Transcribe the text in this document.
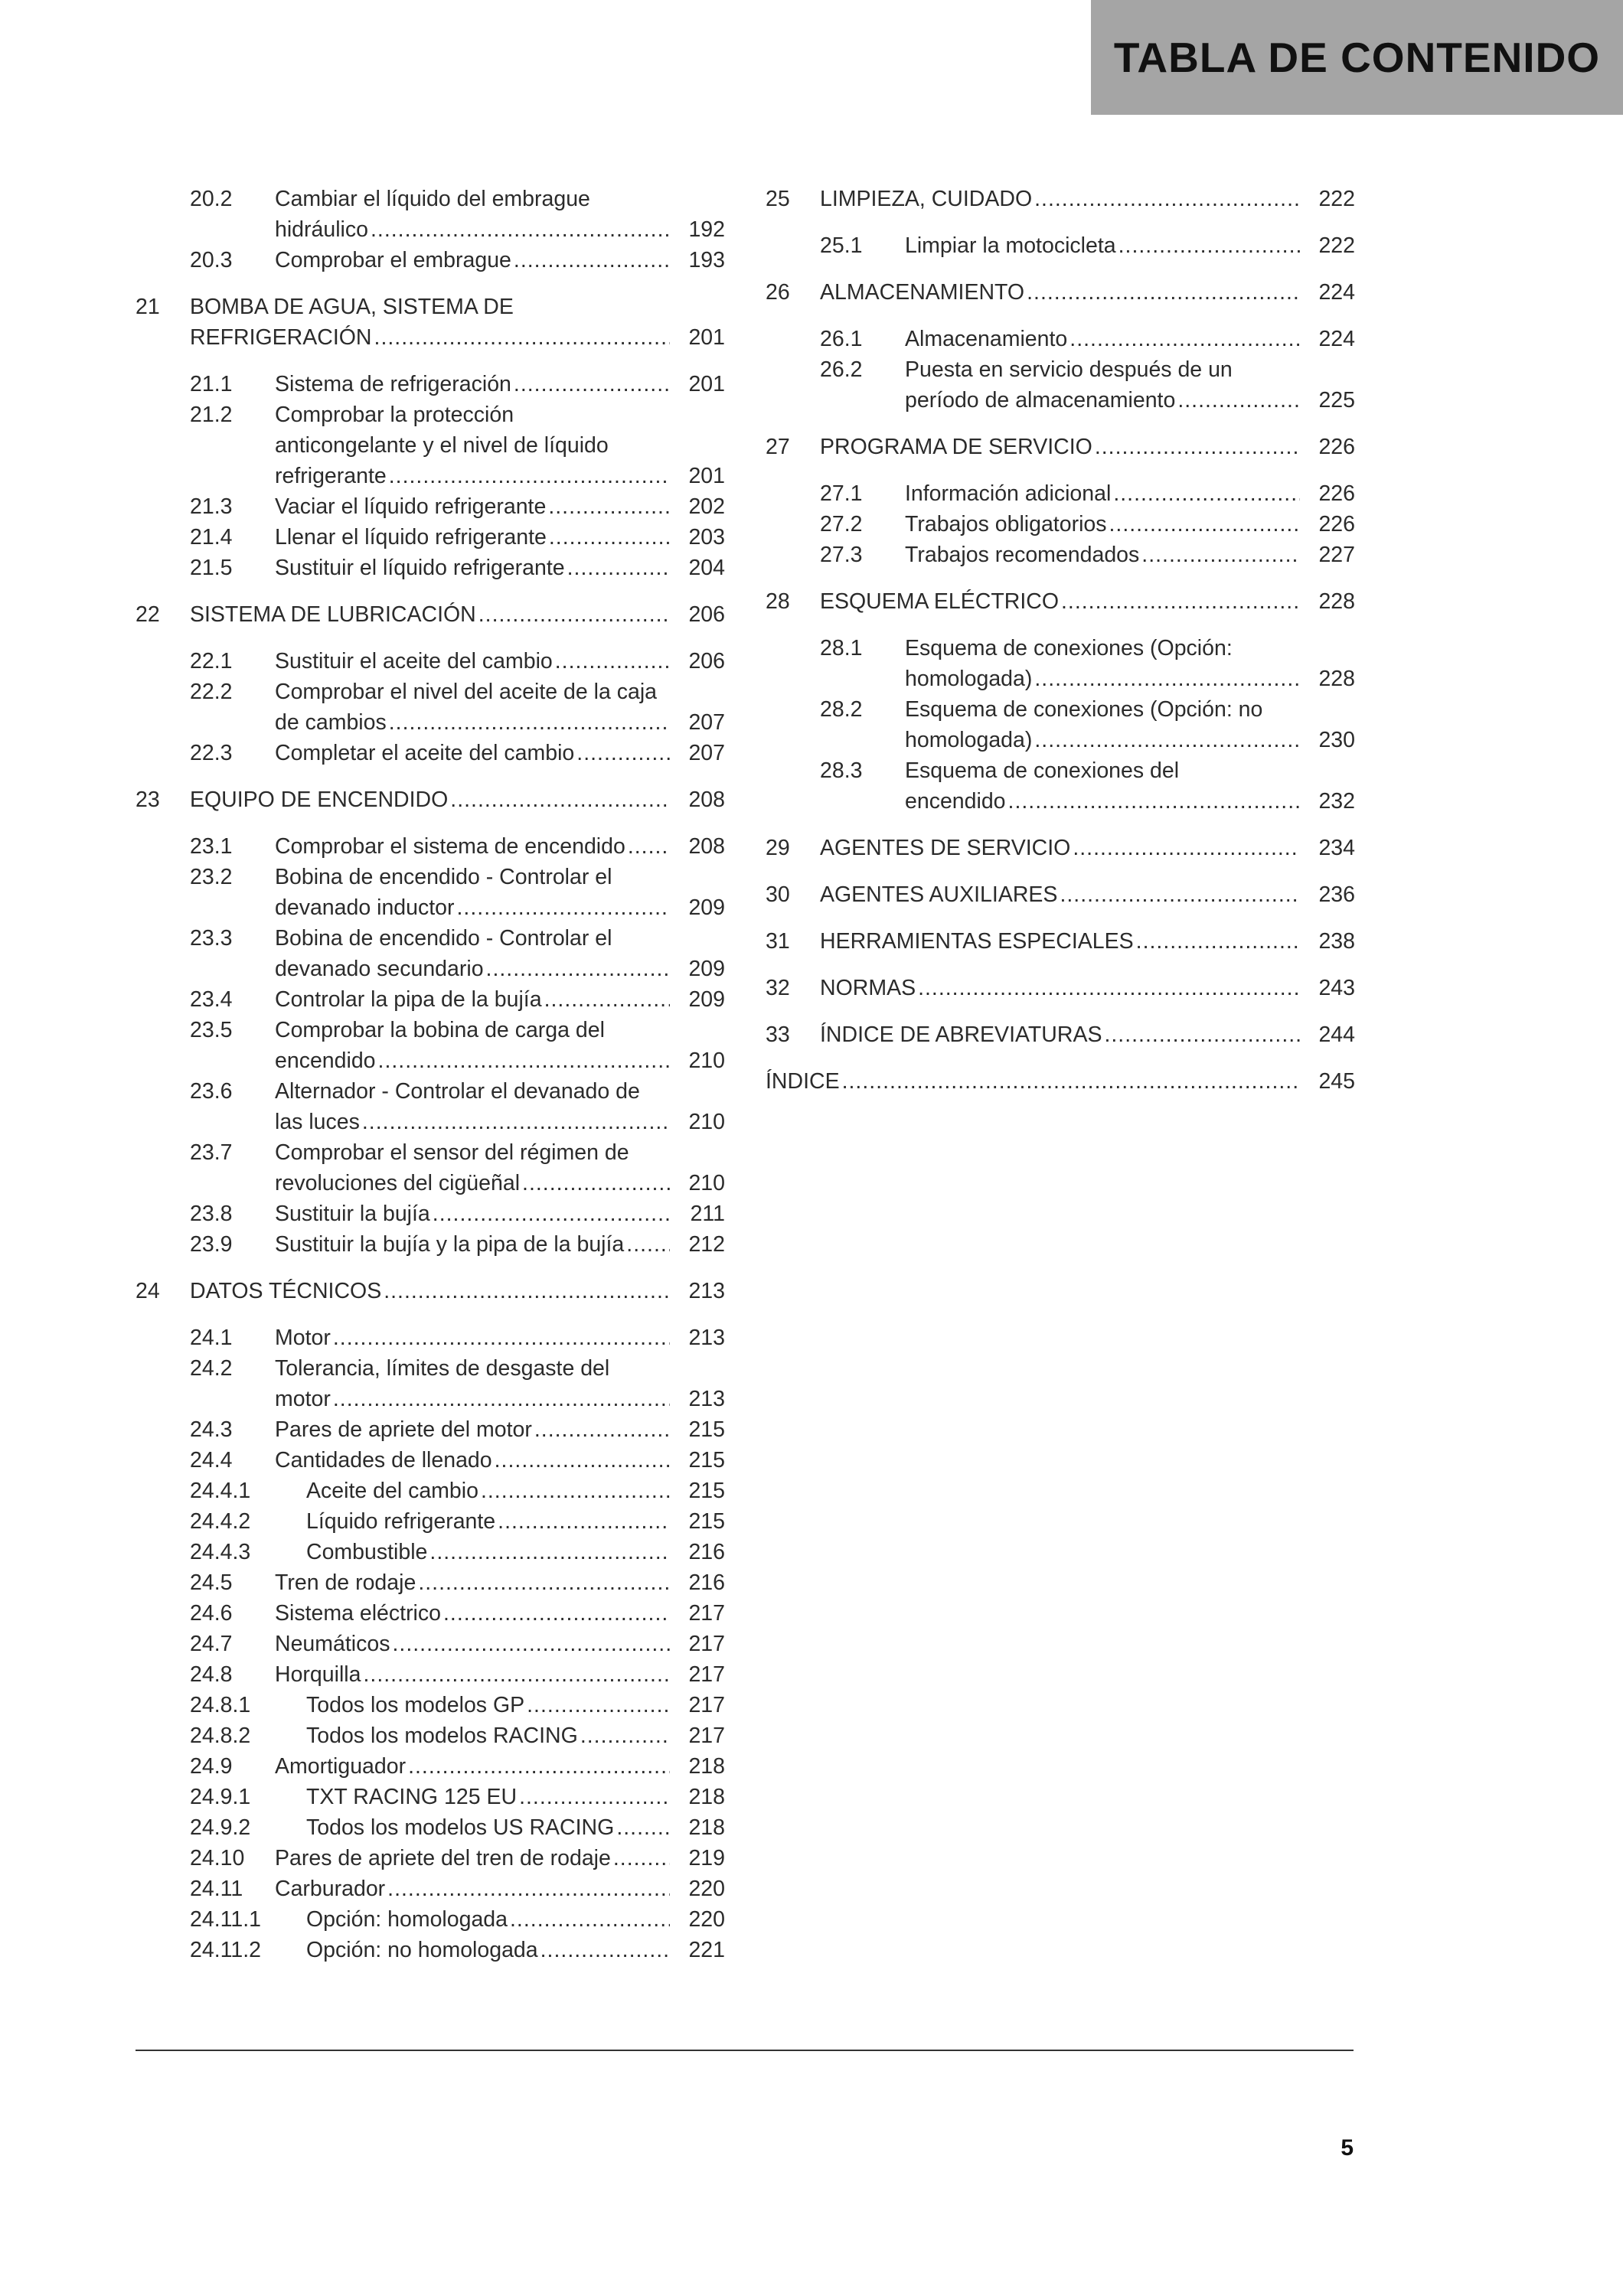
TABLA DE CONTENIDO
20.2 Cambiar el líquido del embrague
hidráulico .....	192
20.3 Comprobar el embrague .....	193
21 BOMBA DE AGUA, SISTEMA DE
REFRIGERACIÓN .....	201
21.1 Sistema de refrigeración .....	201
21.2 Comprobar la protección
anticongelante y el nivel de líquido
refrigerante .....	201
21.3 Vaciar el líquido refrigerante .....	202
21.4 Llenar el líquido refrigerante .....	203
21.5 Sustituir el líquido refrigerante .....	204
22 SISTEMA DE LUBRICACIÓN .....	206
22.1 Sustituir el aceite del cambio .....	206
22.2 Comprobar el nivel del aceite de la caja
de cambios .....	207
22.3 Completar el aceite del cambio .....	207
23 EQUIPO DE ENCENDIDO .....	208
23.1 Comprobar el sistema de encendido .....	208
23.2 Bobina de encendido - Controlar el
devanado inductor .....	209
23.3 Bobina de encendido - Controlar el
devanado secundario .....	209
23.4 Controlar la pipa de la bujía .....	209
23.5 Comprobar la bobina de carga del
encendido .....	210
23.6 Alternador - Controlar el devanado de
las luces .....	210
23.7 Comprobar el sensor del régimen de
revoluciones del cigüeñal .....	210
23.8 Sustituir la bujía .....	211
23.9 Sustituir la bujía y la pipa de la bujía .....	212
24 DATOS TÉCNICOS .....	213
24.1 Motor .....	213
24.2 Tolerancia, límites de desgaste del
motor .....	213
24.3 Pares de apriete del motor .....	215
24.4 Cantidades de llenado .....	215
24.4.1	Aceite del cambio .....	215
24.4.2	Líquido refrigerante .....	215
24.4.3	Combustible .....	216
24.5 Tren de rodaje .....	216
24.6 Sistema eléctrico .....	217
24.7 Neumáticos .....	217
24.8 Horquilla .....	217
24.8.1	Todos los modelos GP .....	217
24.8.2	Todos los modelos RACING .....	217
24.9 Amortiguador .....	218
24.9.1	TXT RACING 125 EU .....	218
24.9.2	Todos los modelos US RACING .....	218
24.10 Pares de apriete del tren de rodaje .....	219
24.11 Carburador .....	220
24.11.1 Opción: homologada .....	220
24.11.2 Opción: no homologada .....	221
25 LIMPIEZA, CUIDADO .....	222
25.1 Limpiar la motocicleta .....	222
26 ALMACENAMIENTO .....	224
26.1 Almacenamiento .....	224
26.2 Puesta en servicio después de un
período de almacenamiento .....	225
27 PROGRAMA DE SERVICIO .....	226
27.1 Información adicional .....	226
27.2 Trabajos obligatorios .....	226
27.3 Trabajos recomendados .....	227
28 ESQUEMA ELÉCTRICO .....	228
28.1 Esquema de conexiones (Opción:
homologada) .....	228
28.2 Esquema de conexiones (Opción: no
homologada) .....	230
28.3 Esquema de conexiones del
encendido .....	232
29 AGENTES DE SERVICIO .....	234
30 AGENTES AUXILIARES .....	236
31 HERRAMIENTAS ESPECIALES .....	238
32 NORMAS .....	243
33 ÍNDICE DE ABREVIATURAS .....	244
ÍNDICE .....	245
5
